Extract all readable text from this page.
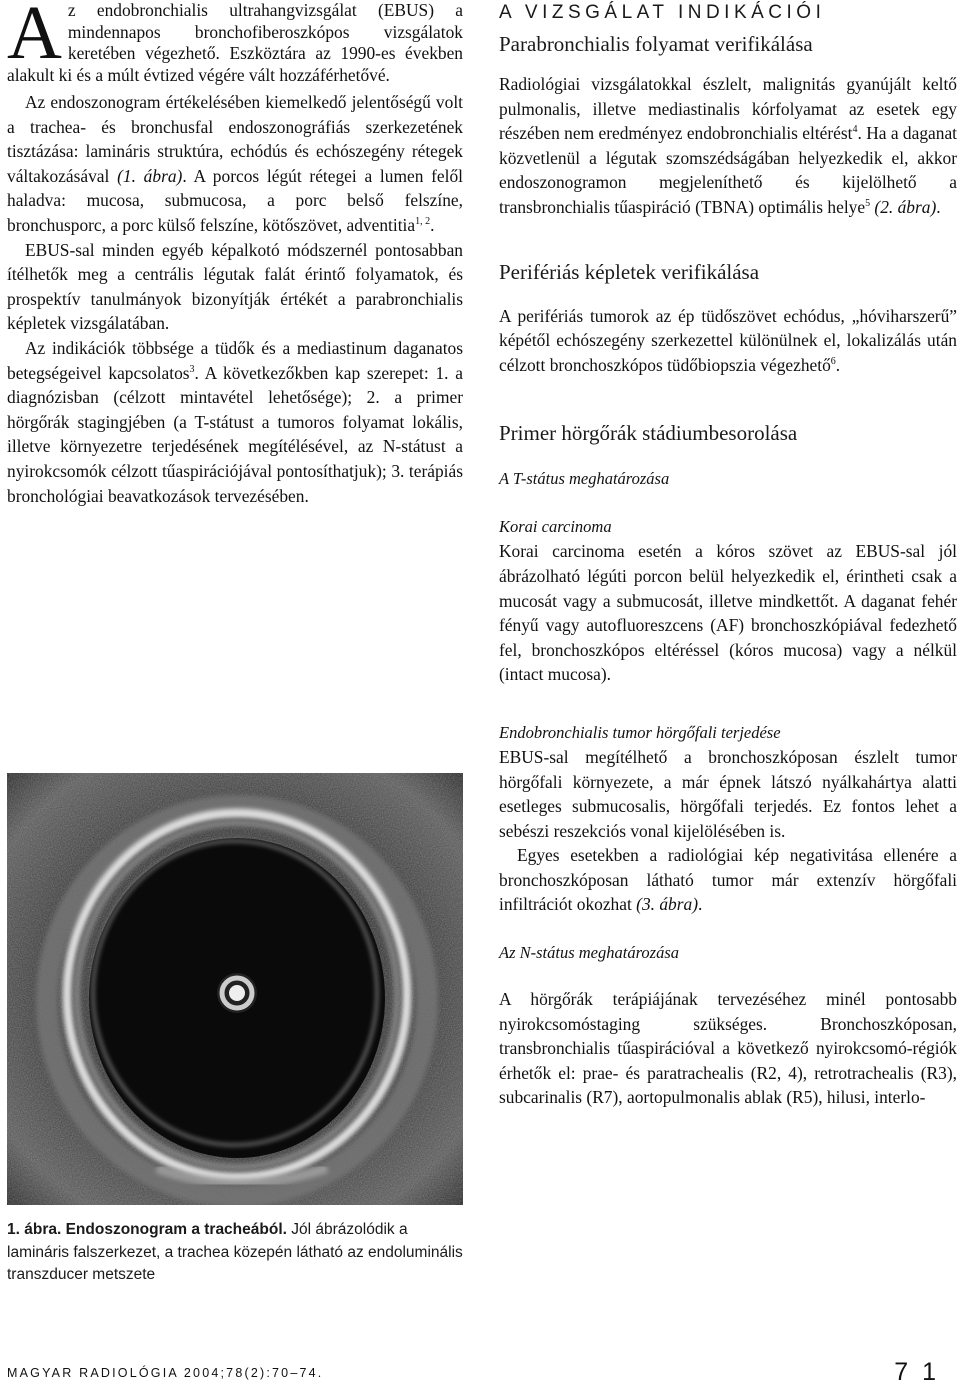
Az endobronchialis ultrahangvizsgálat (EBUS) a mindennapos bronchofiberoszkópos vizsgálatok keretében végezhető. Eszköztára az 1990-es években alakult ki és a múlt évtized végére vált hozzáférhetővé.

Az endoszonogram értékelésében kiemelkedő jelentőségű volt a trachea- és bronchusfal endoszonográfiás szerkezetének tisztázása: lamináris struktúra, echódús és echószegény rétegek váltakozásával (1. ábra). A porcos légút rétegei a lumen felől haladva: mucosa, submucosa, a porc belső felszíne, bronchusporc, a porc külső felszíne, kötőszövet, adventitia$^{1, 2}$.

EBUS-sal minden egyéb képalkotó módszernél pontosabban ítélhetők meg a centrális légutak falát érintő folyamatok, és prospektív tanulmányok bizonyítják értékét a parabronchialis képletek vizsgálatában.

Az indikációk többsége a tüdők és a mediastinum daganatos betegségeivel kapcsolatos$^3$. A következőkben kap szerepet: 1. a diagnózisban (célzott mintavétel lehetősége); 2. a primer hörgőrák stagingjében (a T-státust a tumoros folyamat lokális, illetve környezetre terjedésének megítélésével, az N-státust a nyirokcsomók célzott tűaspirációjával pontosíthatjuk); 3. terápiás bronchológiai beavatkozások tervezésében.

1. ábra. Endoszonogram a tracheából. Jól ábrázolódik a lamináris falszerkezet, a trachea közepén látható az endoluminális transzducer metszete
A VIZSGÁLAT INDIKÁCIÓI
Parabronchialis folyamat verifikálása

Radiológiai vizsgálatokkal észlelt, malignitás gyanújált keltő pulmonalis, illetve mediastinalis kórfolyamat az esetek egy részében nem eredményez endobronchialis eltérést$^4$. Ha a daganat közvetlenül a légutak szomszédságában helyezkedik el, akkor endoszonogramon megjeleníthető és kijelölhető a transbronchialis tűaspiráció (TBNA) optimális helye$^5$ (2. ábra).

Perifériás képletek verifikálása

A perifériás tumorok az ép tüdőszövet echódus, „hóviharszerű” képétől echószegény szerkezettel különülnek el, lokalizálás után célzott bronchoszkópos tüdőbiopszia végezhető$^6$.

Primer hörgőrák stádiumbesorolása
A T-státus meghatározása
Korai carcinoma

Korai carcinoma esetén a kóros szövet az EBUS-sal jól ábrázolható légúti porcon belül helyezkedik el, érintheti csak a mucosát vagy a submucosát, illetve mindkettőt. A daganat fehér fényű vagy autofluoreszcens (AF) bronchoszkópiával fedezhető fel, bronchoszkópos eltéréssel (kóros mucosa) vagy a nélkül (intact mucosa).

Endobronchialis tumor hörgőfali terjedése

EBUS-sal megítélhető a bronchoszkóposan észlelt tumor hörgőfali környezete, a már épnek látszó nyálkahártya alatti esetleges submucosalis, hörgőfali terjedés. Ez fontos lehet a sebészi reszekciós vonal kijelölésében is.

Egyes esetekben a radiológiai kép negativitása ellenére a bronchoszkóposan látható tumor már extenzív hörgőfali infiltrációt okozhat (3. ábra).

Az N-státus meghatározása

A hörgőrák terápiájának tervezéséhez minél pontosabb nyirokcsomóstaging szükséges. Bronchoszkóposan, transbronchialis tűaspirációval a következő nyirokcsomó-régiók érhetők el: prae- és paratrachealis (R2, 4), retrotrachealis (R3), subcarinalis (R7), aortopulmonalis ablak (R5), hilusi, interlo-

MAGYAR RADIOLÓGIA 2004;78(2):70–74.	71
